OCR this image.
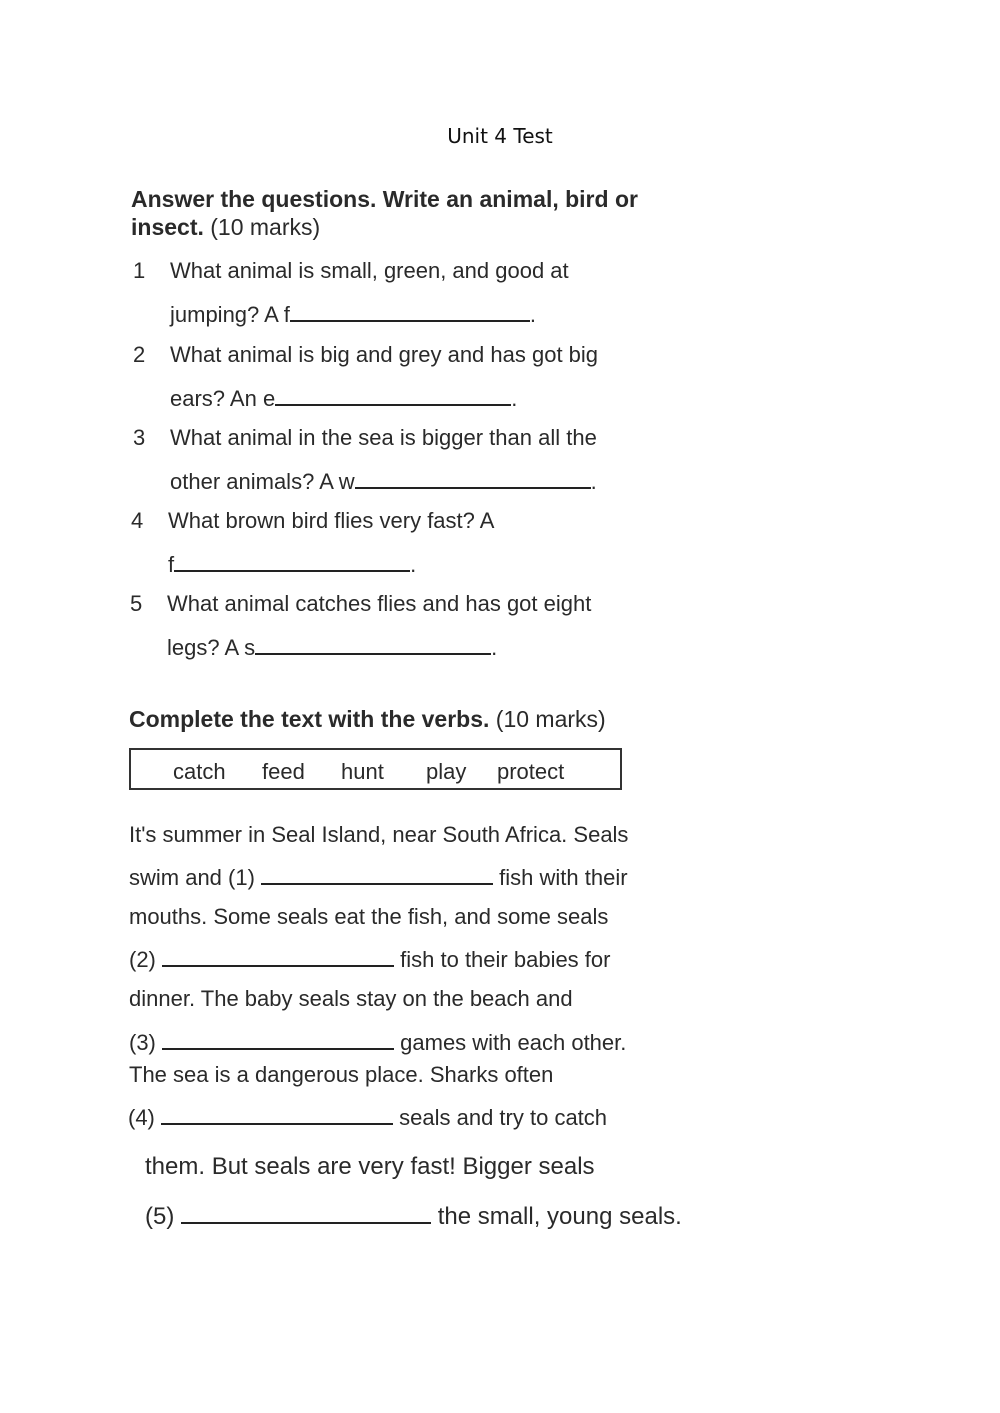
Unit 4 Test
Answer the questions. Write an animal, bird or
insect. (10 marks)
1 What animal is small, green, and good at
jumping? A f	.
2 What animal is big and grey and has got big
ears? An e	.
3 What animal in the sea is bigger than all the
other animals? A w	.
4 What brown bird flies very fast? A
f	.
5 What animal catches flies and has got eight
legs? A s	.
Complete the text with the verbs. (10 marks)
catch feed hunt play protect
It's summer in Seal Island, near South Africa. Seals
swim and (1)	fish with their
mouths. Some seals eat the fish, and some seals
(2)	fish to their babies for
dinner. The baby seals stay on the beach and
(3)	games with each other.
The sea is a dangerous place. Sharks often
(4)	seals and try to catch
them. But seals are very fast! Bigger seals
(5)	the small, young seals.
